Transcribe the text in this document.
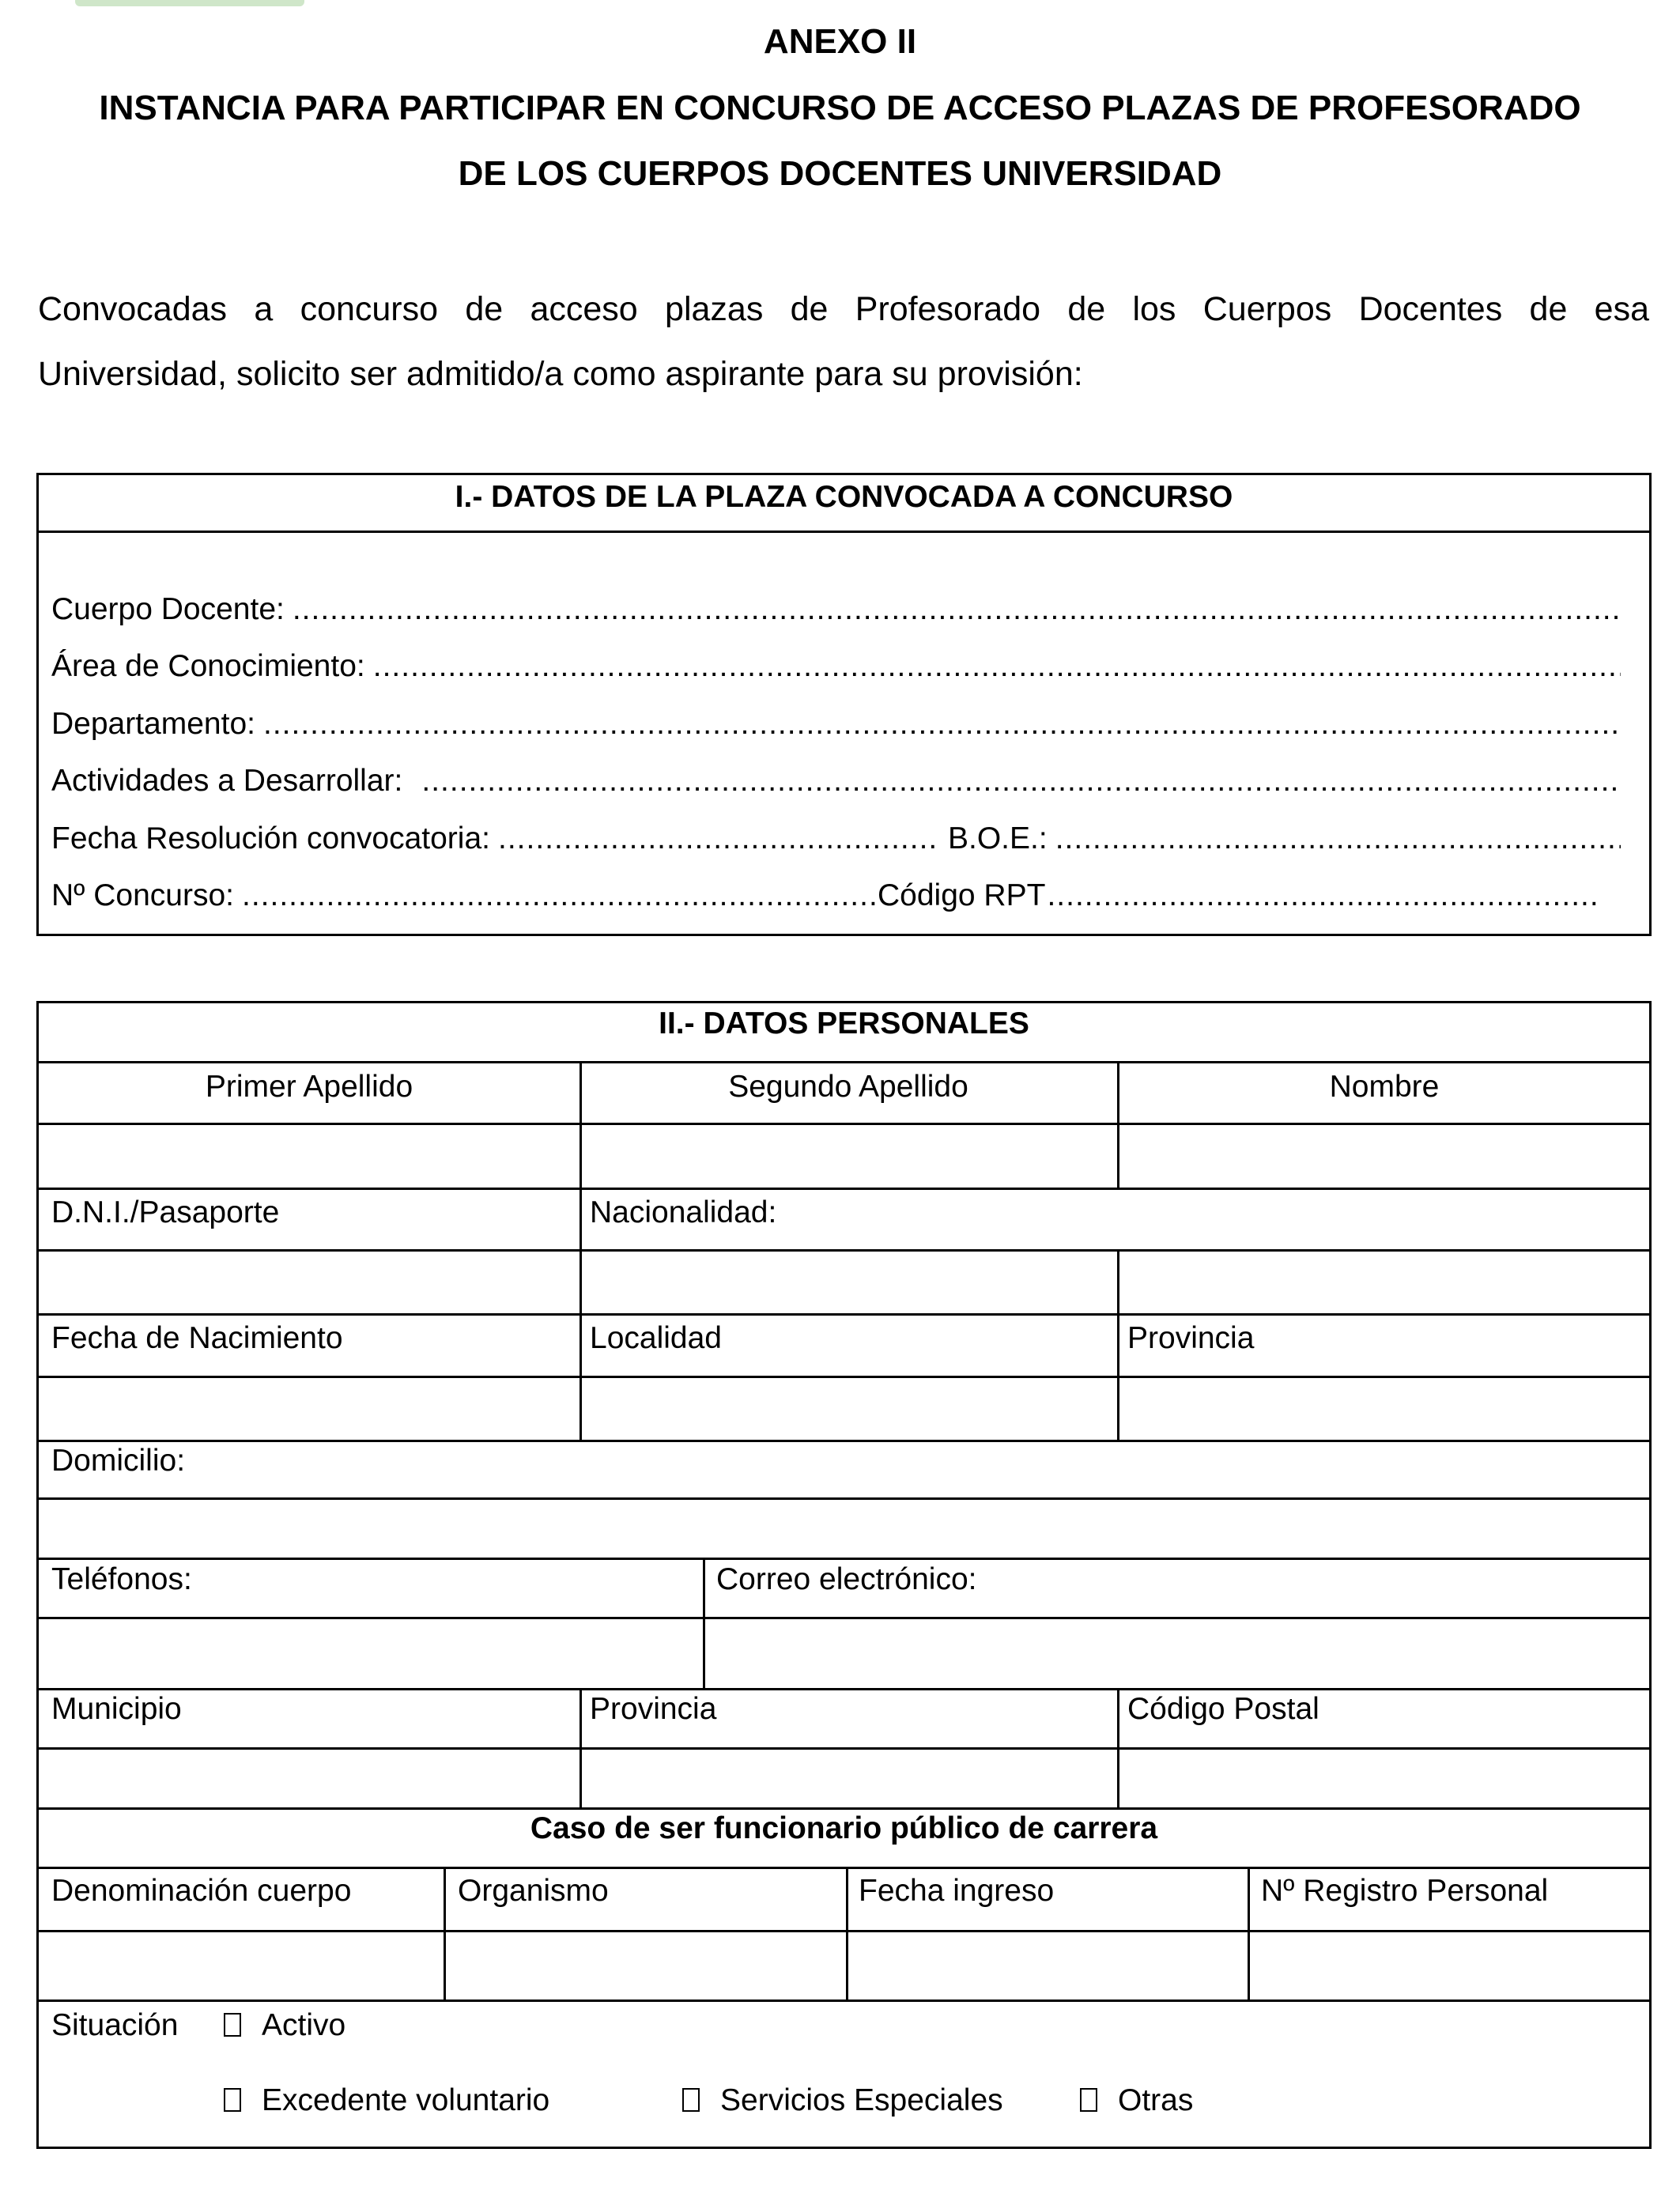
ANEXO II
INSTANCIA PARA PARTICIPAR EN CONCURSO DE ACCESO PLAZAS DE PROFESORADO
DE LOS CUERPOS DOCENTES UNIVERSIDAD
Convocadas a concurso de acceso plazas de Profesorado de los Cuerpos Docentes de esa
Universidad, solicito ser admitido/a como aspirante para su provisión:
I.- DATOS DE LA PLAZA CONVOCADA A CONCURSO
Cuerpo Docente:
.....
Área de Conocimiento:
.....
Departamento:
.....
Actividades a Desarrollar:
.....
Fecha Resolución convocatoria: .....	B.O.E.:
.....
Nº Concurso: .....	Código RPT
.....
II.- DATOS PERSONALES
Primer Apellido	Segundo Apellido	Nombre
D.N.I./Pasaporte	Nacionalidad:
Fecha de Nacimiento	Localidad	Provincia
Domicilio:
Teléfonos:	Correo electrónico:
Municipio	Provincia	Código Postal
Caso de ser funcionario público de carrera
Denominación cuerpo	Organismo	Fecha ingreso	Nº Registro Personal
Situación	Activo
Excedente voluntario	Servicios Especiales	Otras
